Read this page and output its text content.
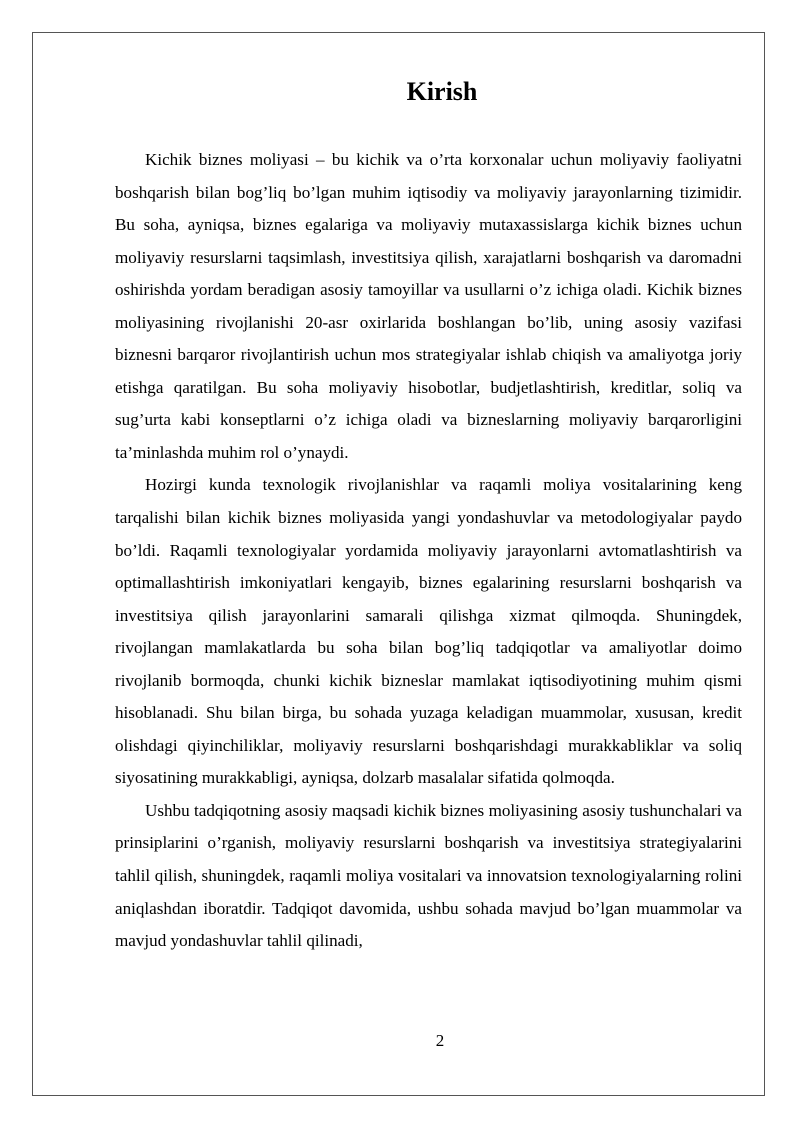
Kirish

Kichik biznes moliyasi – bu kichik va o’rta korxonalar uchun moliyaviy faoliyatni boshqarish bilan bog’liq bo’lgan muhim iqtisodiy va moliyaviy jarayonlarning tizimidir. Bu soha, ayniqsa, biznes egalariga va moliyaviy mutaxassislarga kichik biznes uchun moliyaviy resurslarni taqsimlash, investitsiya qilish, xarajatlarni boshqarish va daromadni oshirishda yordam beradigan asosiy tamoyillar va usullarni o’z ichiga oladi. Kichik biznes moliyasining rivojlanishi 20-asr oxirlarida boshlangan bo’lib, uning asosiy vazifasi biznesni barqaror rivojlantirish uchun mos strategiyalar ishlab chiqish va amaliyotga joriy etishga qaratilgan. Bu soha moliyaviy hisobotlar, budjetlashtirish, kreditlar, soliq va sug’urta kabi konseptlarni o’z ichiga oladi va bizneslarning moliyaviy barqarorligini ta’minlashda muhim rol o’ynaydi.

Hozirgi kunda texnologik rivojlanishlar va raqamli moliya vositalarining keng tarqalishi bilan kichik biznes moliyasida yangi yondashuvlar va metodologiyalar paydo bo’ldi. Raqamli texnologiyalar yordamida moliyaviy jarayonlarni avtomatlashtirish va optimallashtirish imkoniyatlari kengayib, biznes egalarining resurslarni boshqarish va investitsiya qilish jarayonlarini samarali qilishga xizmat qilmoqda. Shuningdek, rivojlangan mamlakatlarda bu soha bilan bog’liq tadqiqotlar va amaliyotlar doimo rivojlanib bormoqda, chunki kichik bizneslar mamlakat iqtisodiyotining muhim qismi hisoblanadi. Shu bilan birga, bu sohada yuzaga keladigan muammolar, xususan, kredit olishdagi qiyinchiliklar, moliyaviy resurslarni boshqarishdagi murakkabliklar va soliq siyosatining murakkabligi, ayniqsa, dolzarb masalalar sifatida qolmoqda.

Ushbu tadqiqotning asosiy maqsadi kichik biznes moliyasining asosiy tushunchalari va prinsiplarini o’rganish, moliyaviy resurslarni boshqarish va investitsiya strategiyalarini tahlil qilish, shuningdek, raqamli moliya vositalari va innovatsion texnologiyalarning rolini aniqlashdan iboratdir. Tadqiqot davomida, ushbu sohada mavjud bo’lgan muammolar va mavjud yondashuvlar tahlil qilinadi,

2
